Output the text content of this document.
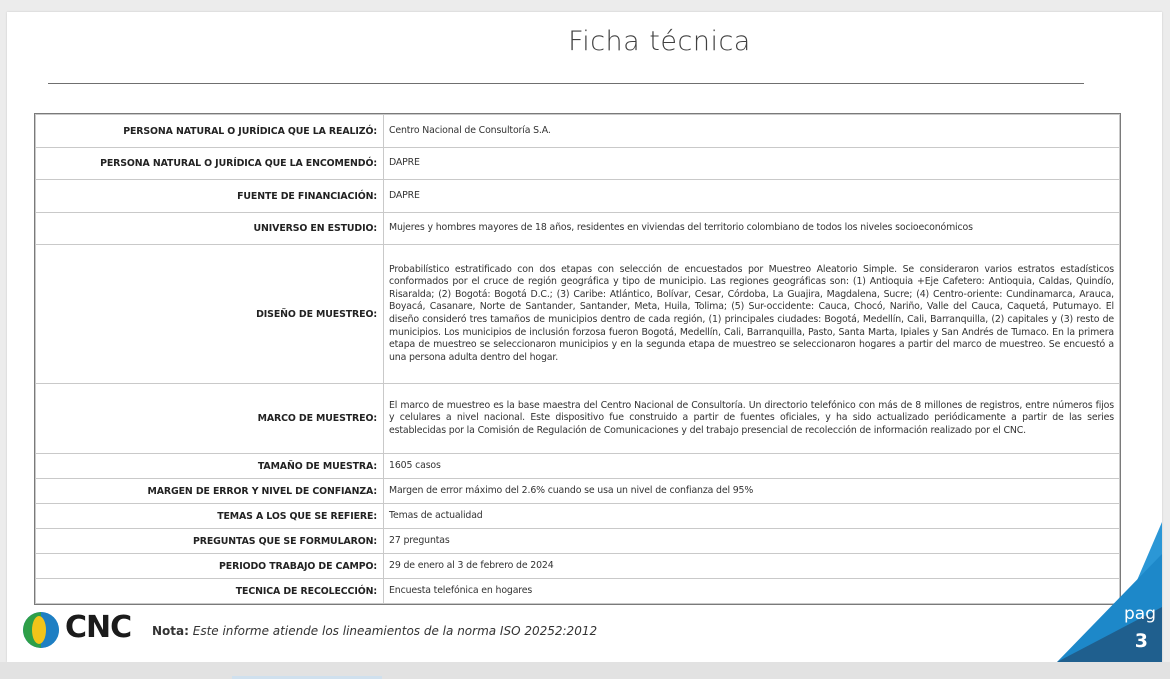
Ficha técnica
PERSONA NATURAL O JURÍDICA QUE LA REALIZÓ:	Centro Nacional de Consultoría S.A.
PERSONA NATURAL O JURÍDICA QUE LA ENCOMENDÓ:	DAPRE
FUENTE DE FINANCIACIÓN:	DAPRE
UNIVERSO EN ESTUDIO:	Mujeres y hombres mayores de 18 años, residentes en viviendas del territorio colombiano de todos los niveles socioeconómicos
DISEÑO DE MUESTREO:	Probabilístico estratificado con dos etapas con selección de encuestados por Muestreo Aleatorio Simple. Se consideraron varios estratos estadísticos conformados por el cruce de región geográfica y tipo de municipio. Las regiones geográficas son: (1) Antioquia +Eje Cafetero: Antioquia, Caldas, Quindío, Risaralda; (2) Bogotá: Bogotá D.C.; (3) Caribe: Atlántico, Bolívar, Cesar, Córdoba, La Guajira, Magdalena, Sucre; (4) Centro-oriente: Cundinamarca, Arauca, Boyacá, Casanare, Norte de Santander, Santander, Meta, Huila, Tolima; (5) Sur-occidente: Cauca, Chocó, Nariño, Valle del Cauca, Caquetá, Putumayo. El diseño consideró tres tamaños de municipios dentro de cada región, (1) principales ciudades: Bogotá, Medellín, Cali, Barranquilla, (2) capitales y (3) resto de municipios. Los municipios de inclusión forzosa fueron Bogotá, Medellín, Cali, Barranquilla, Pasto, Santa Marta, Ipiales y San Andrés de Tumaco. En la primera etapa de muestreo se seleccionaron municipios y en la segunda etapa de muestreo se seleccionaron hogares a partir del marco de muestreo. Se encuestó a una persona adulta dentro del hogar.
MARCO DE MUESTREO:	El marco de muestreo es la base maestra del Centro Nacional de Consultoría. Un directorio telefónico con más de 8 millones de registros, entre números fijos y celulares a nivel nacional. Este dispositivo fue construido a partir de fuentes oficiales, y ha sido actualizado periódicamente a partir de las series establecidas por la Comisión de Regulación de Comunicaciones y del trabajo presencial de recolección de información realizado por el CNC.
TAMAÑO DE MUESTRA:	1605 casos
MARGEN DE ERROR Y NIVEL DE CONFIANZA:	Margen de error máximo del 2.6% cuando se usa un nivel de confianza del 95%
TEMAS A LOS QUE SE REFIERE:	Temas de actualidad
PREGUNTAS QUE SE FORMULARON:	27 preguntas
PERIODO TRABAJO DE CAMPO:	29 de enero al 3 de febrero de 2024
TECNICA DE RECOLECCIÓN:	Encuesta telefónica en hogares
CNC Nota: Este informe atiende los lineamientos de la norma ISO 20252:2012
pag
3
